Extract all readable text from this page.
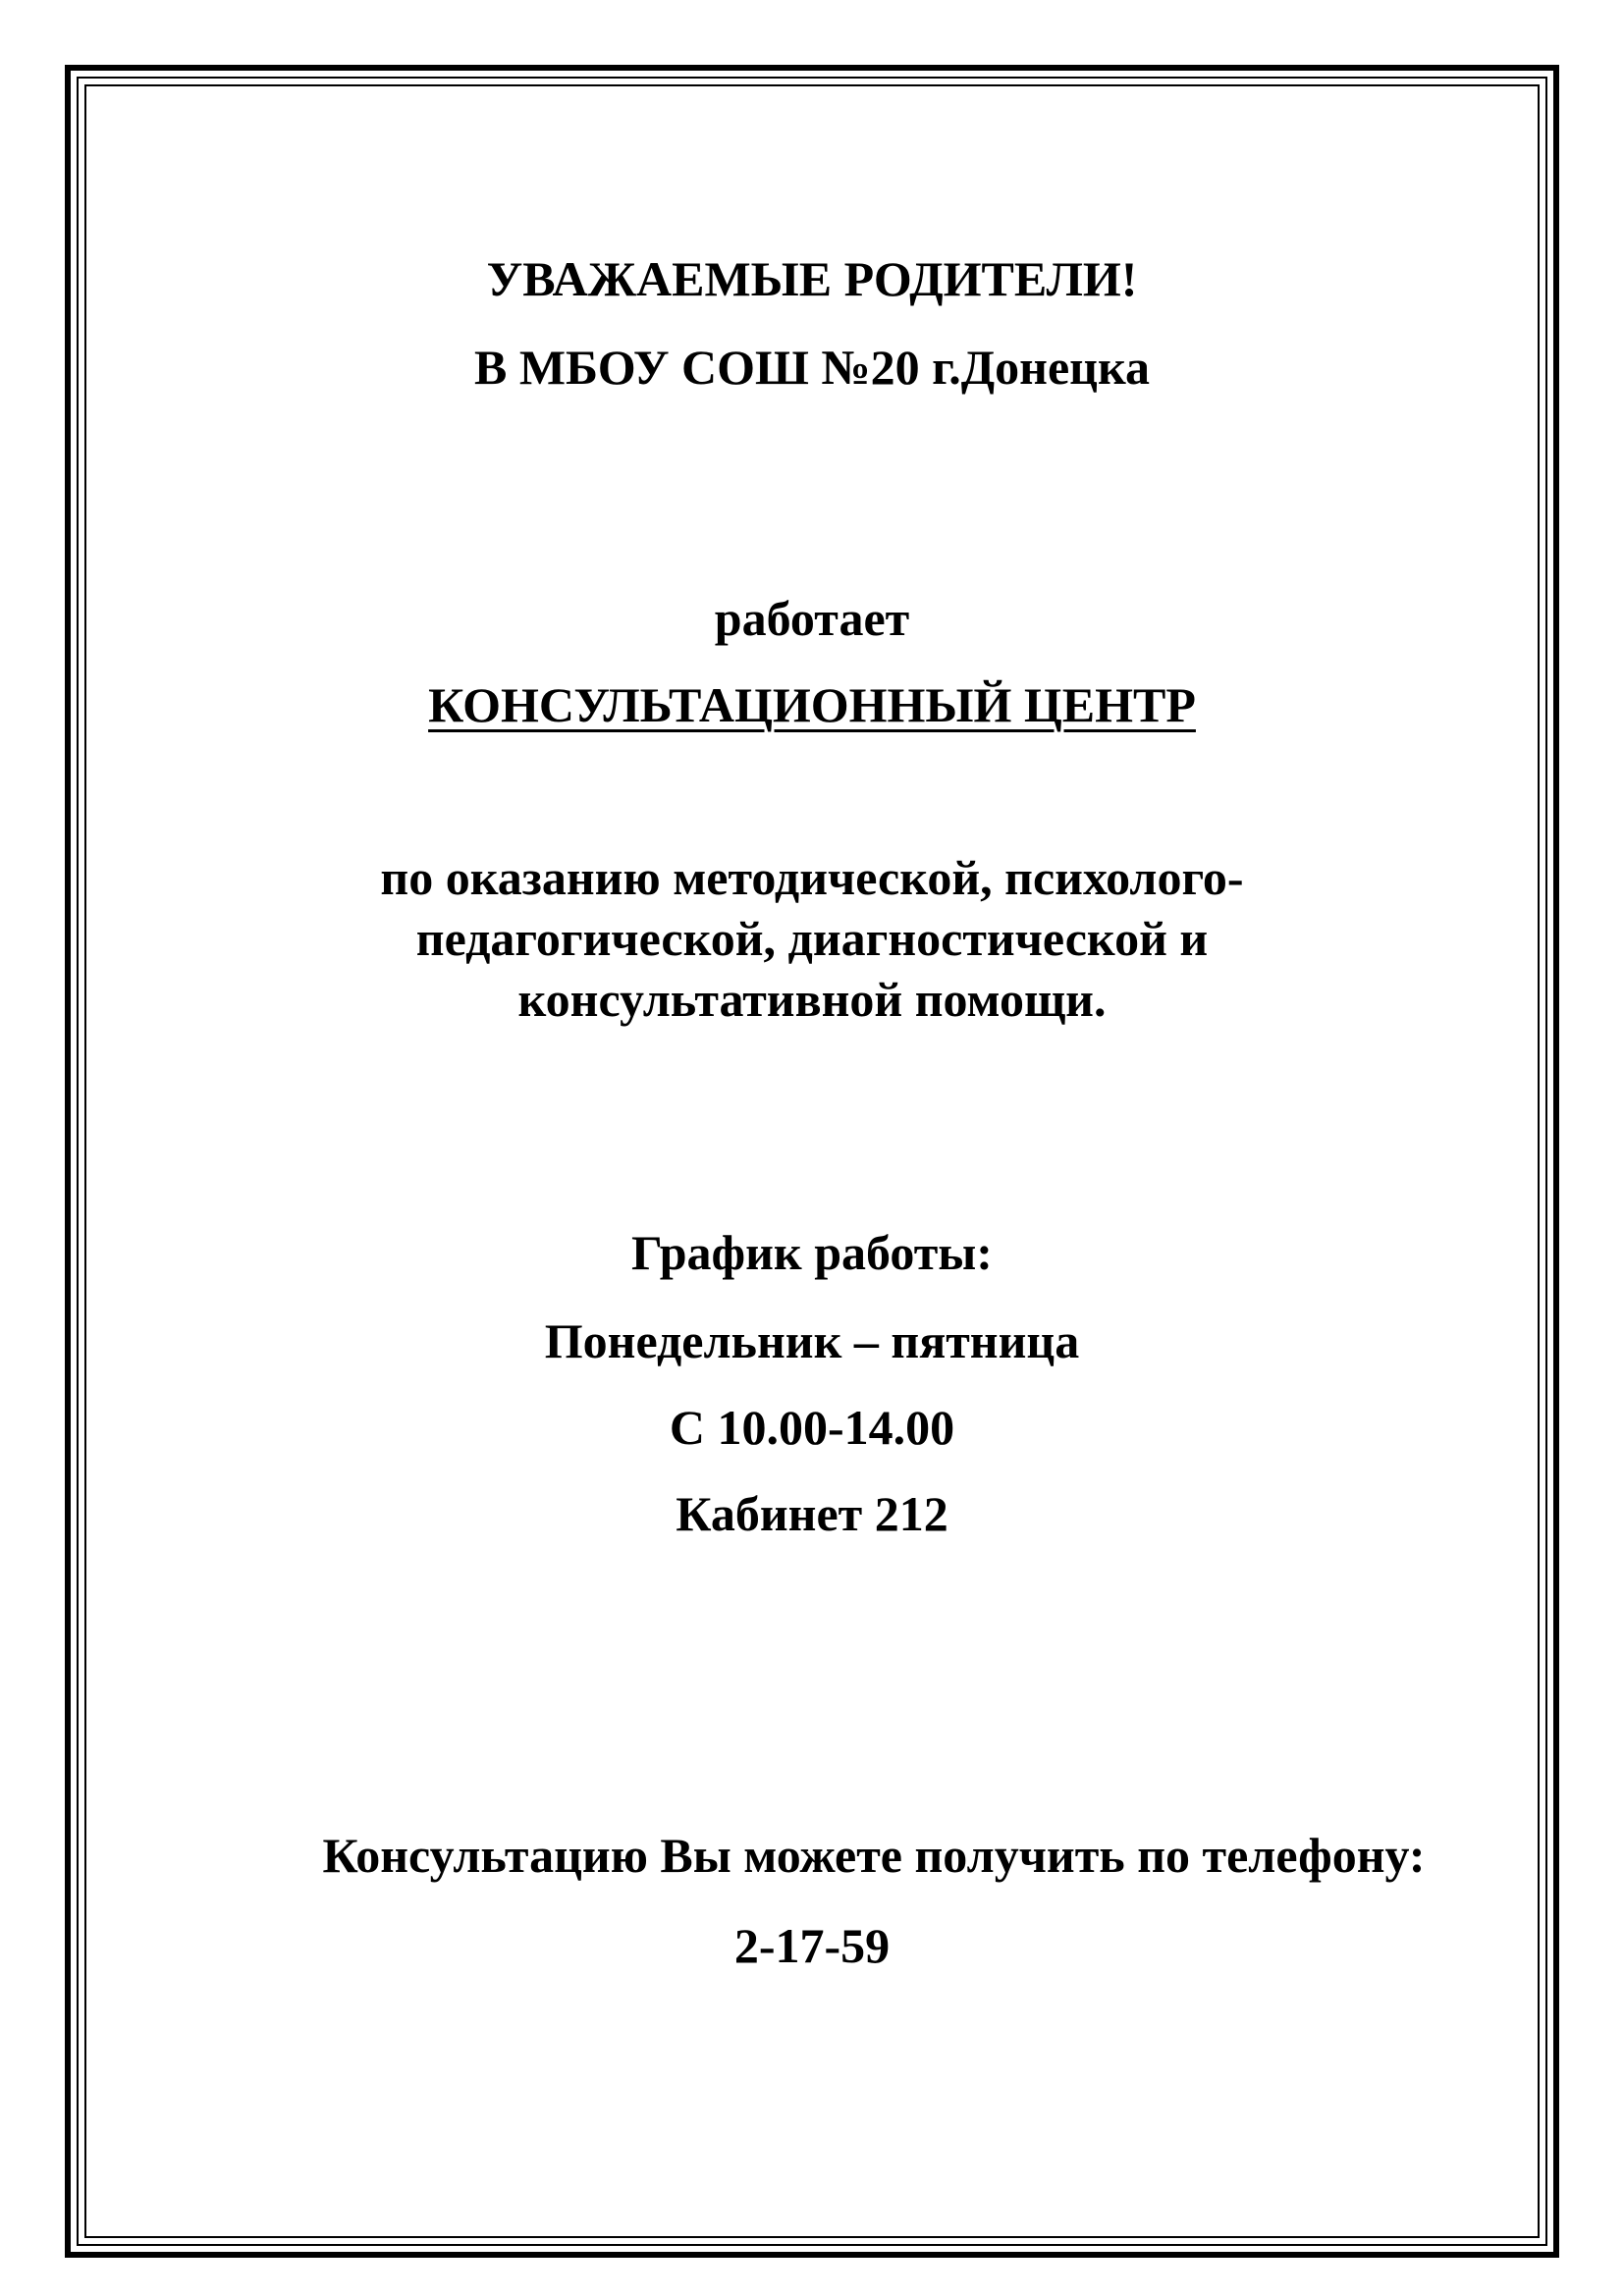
УВАЖАЕМЫЕ РОДИТЕЛИ!
В МБОУ СОШ №20 г.Донецка
работает
КОНСУЛЬТАЦИОННЫЙ ЦЕНТР
по оказанию методической, психолого-
педагогической, диагностической и
консультативной помощи.
График работы:
Понедельник – пятница
С 10.00-14.00
Кабинет 212
Консультацию Вы можете получить по телефону:
2-17-59
